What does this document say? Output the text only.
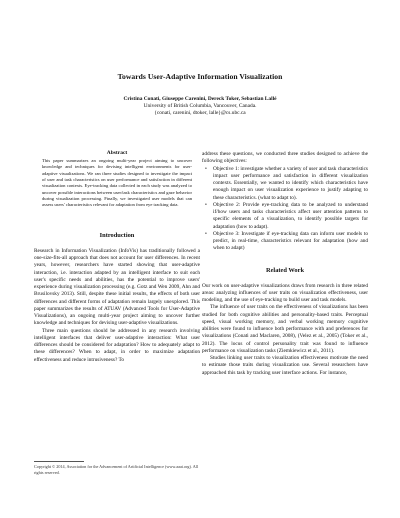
Towards User-Adaptive Information Visualization
Cristina Conati, Giuseppe Carenini, Dereck Toker, Sebastian Lallé
University of British Columbia, Vancouver, Canada.
{conati, carenini, dtoker, lalle}@cs.ubc.ca
Abstract

This paper summarizes an ongoing multi-year project aiming to uncover knowledge and techniques for devising intelligent environments for user-adaptive visualizations. We ran three studies designed to investigate the impact of user and task characteristics on user performance and satisfaction in different visualization contexts. Eye-tracking data collected in each study was analyzed to uncover possible interactions between user/task characteristics and gaze behavior during visualization processing. Finally, we investigated user models that can assess users' characteristics relevant for adaptation from eye tracking data.

Introduction

Research in Information Visualization (InfoVis) has traditionally followed a one-size-fits-all approach that does not account for user differences. In recent years, however, researchers have started showing that user-adaptive interaction, i.e. interaction adapted by an intelligent interface to suit each user's specific needs and abilities, has the potential to improve users' experience during visualization processing (e.g. Gotz and Wen 2009, Ahn and Brusilovsky 2013). Still, despite these initial results, the effects of both user differences and different forms of adaptation remain largely unexplored. This paper summarizes the results of ATUAV (Advanced Tools for User-Adaptive Visualizations), an ongoing multi-year project aiming to uncover further knowledge and techniques for devising user-adaptive visualizations.

Three main questions should be addressed in any research involving intelligent interfaces that deliver user-adaptive interaction: What user differences should be considered for adaptation? How to adequately adapt to these differences? When to adapt, in order to maximize adaptation effectiveness and reduce intrusiveness? To

Copyright © 2014, Association for the Advancement of Artificial Intelligence (www.aaai.org). All rights reserved.

address these questions, we conducted three studies designed to achieve the following objectives:

• Objective 1: investigate whether a variety of user and task characteristics impact user performance and satisfaction in different visualization contexts. Essentially, we wanted to identify which characteristics have enough impact on user visualization experience to justify adapting to these characteristics. (what to adapt to).
• Objective 2: Provide eye-tracking data to be analyzed to understand if/how users and tasks characteristics affect user attention patterns to specific elements of a visualization, to identify possible targets for adaptation (how to adapt).
• Objective 3: Investigate if eye-tracking data can inform user models to predict, in real-time, characteristics relevant for adaptation (how and when to adapt)
Related Work

Our work on user-adaptive visualizations draws from research in three related areas: analyzing influences of user traits on visualization effectiveness, user modeling, and the use of eye-tracking to build user and task models.

The influence of user traits on the effectiveness of visualizations has been studied for both cognitive abilities and personality-based traits. Perceptual speed, visual working memory, and verbal working memory cognitive abilities were found to influence both performance with and preferences for visualizations (Conati and Maclaren, 2008), (Velez et al., 2005) (Toker et al., 2012). The locus of control personality trait was found to influence performance on visualization tasks (Ziemkiewicz et al., 2011).

Studies linking user traits to visualization effectiveness motivate the need to estimate those traits during visualization use. Several researchers have approached this task by tracking user interface actions. For instance,
